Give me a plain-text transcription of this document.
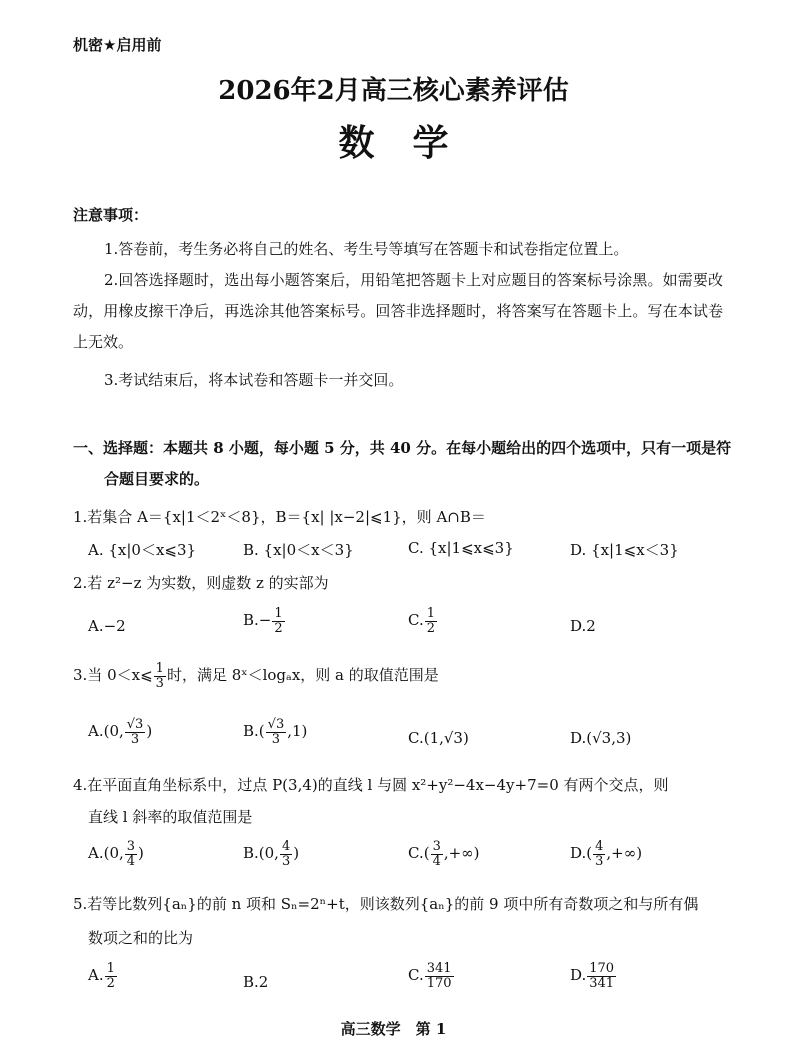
机密★启用前
2026年2月高三核心素养评估
数学
注意事项：
1.答卷前，考生务必将自己的姓名、考生号等填写在答题卡和试卷指定位置上。
2.回答选择题时，选出每小题答案后，用铅笔把答题卡上对应题目的答案标号涂黑。如需要改动，用橡皮擦干净后，再选涂其他答案标号。回答非选择题时，将答案写在答题卡上。写在本试卷上无效。
3.考试结束后，将本试卷和答题卡一并交回。
一、选择题：本题共 8 小题，每小题 5 分，共 40 分。在每小题给出的四个选项中，只有一项是符
合题目要求的。
1.若集合 A＝{x|1＜2ˣ＜8}，B＝{x| |x−2|⩽1}，则 A∩B＝
A. {x|0＜x⩽3}	B. {x|0＜x＜3}	C. {x|1⩽x⩽3}	D. {x|1⩽x＜3}
2.若 z²−z 为实数，则虚数 z 的实部为
A.−2	$B.- \frac{1}{2}$	C. $\frac{1}{2}$	D.2
3.当 0＜x⩽ $\frac{1}{3}$ 时，满足 8ˣ＜logₐx，则 a 的取值范围是
A.(0, $\frac{√3}{3}$ )	$B.( \frac{√3}{3} ,1)$	C.(1,√3)	D.(√3,3)
4.在平面直角坐标系中，过点 P(3,4)的直线 l 与圆 x²+y²−4x−4y+7=0 有两个交点，则
直线 l 斜率的取值范围是
A.(0, $\frac{3}{4}$ )	B.(0, $\frac{4}{3}$ )	$C.( \frac{3}{4}$ ,+∞)	$D.( \frac{4}{3}$ ,+∞)
5.若等比数列{aₙ}的前 n 项和 Sₙ=2ⁿ+t，则该数列{aₙ}的前 9 项中所有奇数项之和与所有偶
数项之和的比为
A. $\frac{1}{2}$	B.2	C. $\frac{341}{170}$	D. $\frac{170}{341}$
高三数学　第 1
